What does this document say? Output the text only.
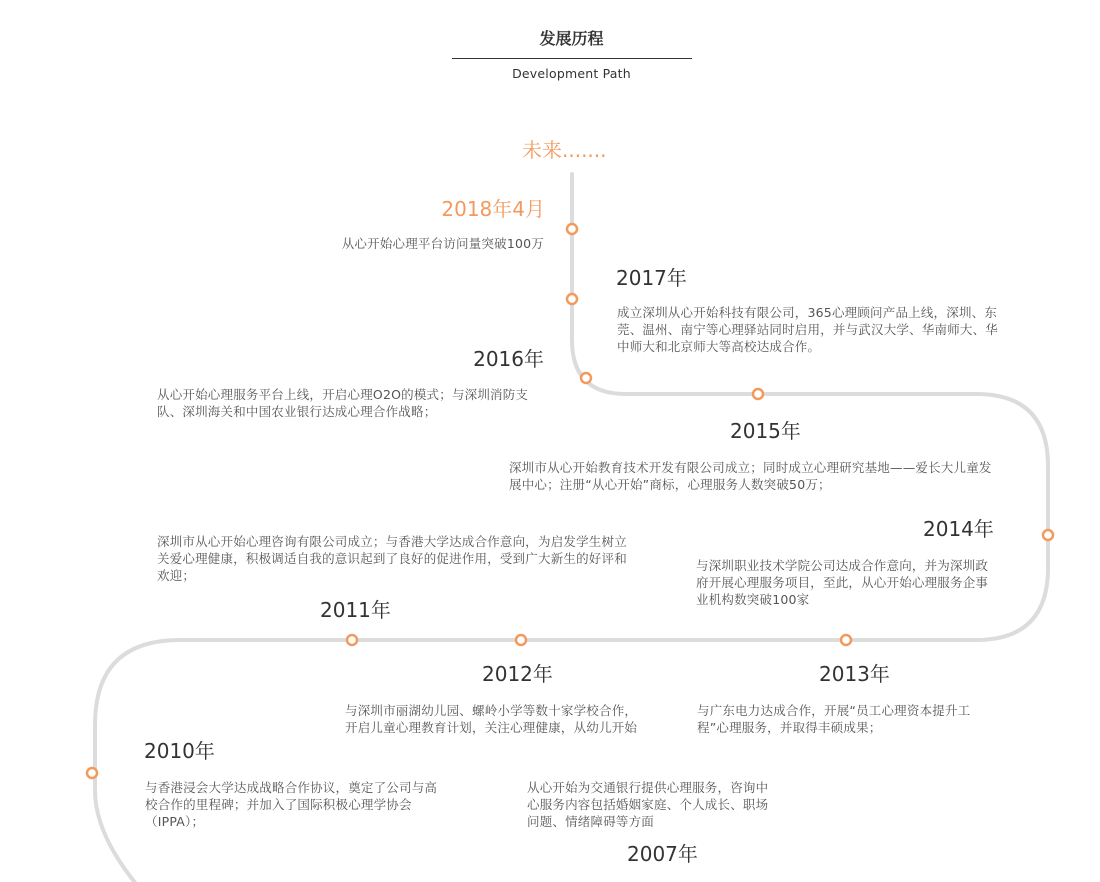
发展历程
Development Path
未来.......
2018年4月
从心开始心理平台访问量突破100万
2017年
成立深圳从心开始科技有限公司，365心理顾问产品上线，深圳、东莞、温州、南宁等心理驿站同时启用，并与武汉大学、华南师大、华中师大和北京师大等高校达成合作。
2016年
从心开始心理服务平台上线，开启心理O2O的模式；与深圳消防支队、深圳海关和中国农业银行达成心理合作战略；
2015年
深圳市从心开始教育技术开发有限公司成立；同时成立心理研究基地——爱长大儿童发展中心；注册“从心开始”商标，心理服务人数突破50万；
2014年
与深圳职业技术学院公司达成合作意向，并为深圳政府开展心理服务项目，至此，从心开始心理服务企事业机构数突破100家
深圳市从心开始心理咨询有限公司成立；与香港大学达成合作意向，为启发学生树立关爱心理健康，积极调适自我的意识起到了良好的促进作用，受到广大新生的好评和欢迎；
2011年
2013年
与广东电力达成合作，开展“员工心理资本提升工程”心理服务，并取得丰硕成果；
2012年
与深圳市丽湖幼儿园、螺岭小学等数十家学校合作，开启儿童心理教育计划，关注心理健康，从幼儿开始
2010年
与香港浸会大学达成战略合作协议，奠定了公司与高校合作的里程碑；并加入了国际积极心理学协会（IPPA）；
从心开始为交通银行提供心理服务，咨询中心服务内容包括婚姻家庭、个人成长、职场问题、情绪障碍等方面
2007年
